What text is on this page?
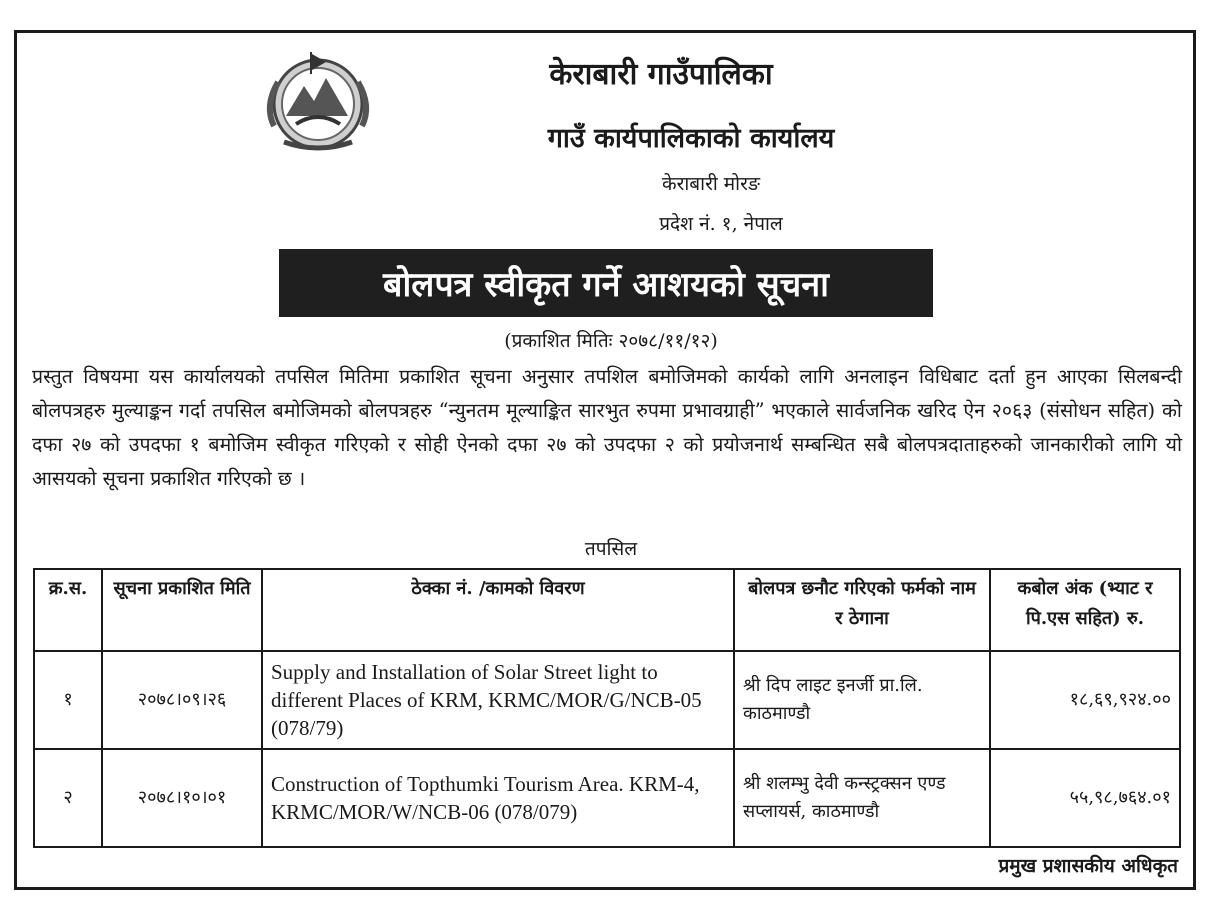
केराबारी गाउँपालिका
गाउँ कार्यपालिकाको कार्यालय
केराबारी मोरङ
प्रदेश नं. १, नेपाल
बोलपत्र स्वीकृत गर्ने आशयको सूचना
(प्रकाशित मितिः २०७८/११/१२)
प्रस्तुत विषयमा यस कार्यालयको तपसिल मितिमा प्रकाशित सूचना अनुसार तपशिल बमोजिमको कार्यको लागि अनलाइन विधिबाट दर्ता हुन आएका सिलबन्दी बोलपत्रहरु मुल्याङ्कन गर्दा तपसिल बमोजिमको बोलपत्रहरु “न्युनतम मूल्याङ्कित सारभुत रुपमा प्रभावग्राही” भएकाले सार्वजनिक खरिद ऐन २०६३ (संसोधन सहित) को दफा २७ को उपदफा १ बमोजिम स्वीकृत गरिएको र सोही ऐनको दफा २७ को उपदफा २ को प्रयोजनार्थ सम्बन्धित सबै बोलपत्रदाताहरुको जानकारीको लागि यो आसयको सूचना प्रकाशित गरिएको छ ।
तपसिल
क्र.स.	सूचना प्रकाशित मिति	ठेक्का नं. /कामको विवरण	बोलपत्र छनौट गरिएको फर्मको नाम र ठेगाना	कबोल अंक (भ्याट र पि.एस सहित) रु.
१	२०७८।०९।२६	Supply and Installation of Solar Street light to different Places of KRM, KRMC/MOR/G/NCB-05 (078/79)	श्री दिप लाइट इनर्जी प्रा.लि. काठमाण्डौ	१८,६९,९२४.००
२	२०७८।१०।०१	Construction of Topthumki Tourism Area. KRM-4, KRMC/MOR/W/NCB-06 (078/079)	श्री शलम्भु देवी कन्स्ट्रक्सन एण्ड सप्लायर्स, काठमाण्डौ	५५,९८,७६४.०१
प्रमुख प्रशासकीय अधिकृत
